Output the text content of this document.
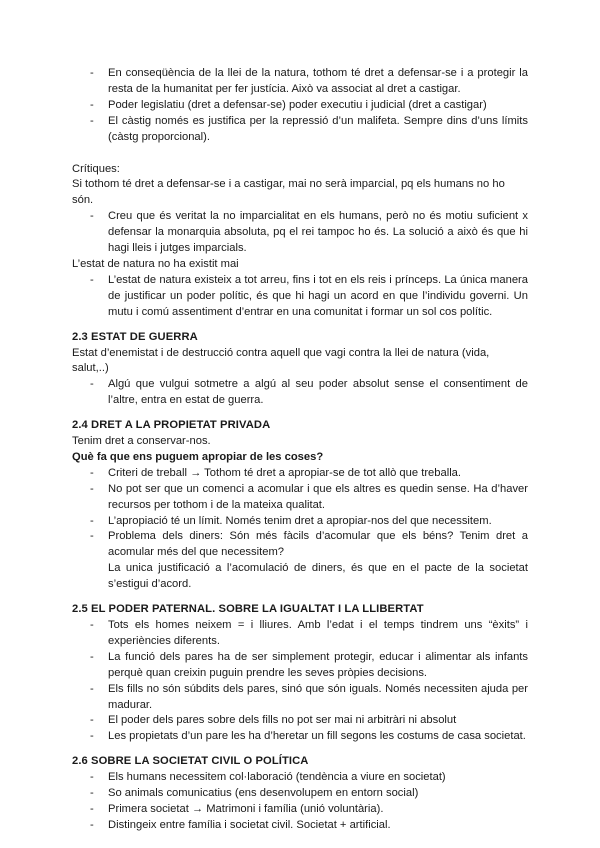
- En conseqüència de la llei de la natura, tothom té dret a defensar-se i a protegir la resta de la humanitat per fer justícia. Això va associat al dret a castigar.
- Poder legislatiu (dret a defensar-se) poder executiu i judicial (dret a castigar)
- El càstig només es justifica per la repressió d’un malifeta. Sempre dins d’uns límits (càstg proporcional).

Crítiques:

Si tothom té dret a defensar-se i a castigar, mai no serà imparcial, pq els humans no ho són.

- Creu que és veritat la no imparcialitat en els humans, però no és motiu suficient x defensar la monarquia absoluta, pq el rei tampoc ho és. La solució a això és que hi hagi lleis i jutges imparcials.

L’estat de natura no ha existit mai

- L’estat de natura existeix a tot arreu, fins i tot en els reis i prínceps. La única manera de justificar un poder polític, és que hi hagi un acord en que l’individu governi. Un mutu i comú assentiment d’entrar en una comunitat i formar un sol cos polític.
2.3 ESTAT DE GUERRA

Estat d’enemistat i de destrucció contra aquell que vagi contra la llei de natura (vida, salut,..)

- Algú que vulgui sotmetre a algú al seu poder absolut sense el consentiment de l’altre, entra en estat de guerra.
2.4 DRET A LA PROPIETAT PRIVADA

Tenim dret a conservar-nos.

Què fa que ens puguem apropiar de les coses?

- Criteri de treball → Tothom té dret a apropiar-se de tot allò que treballa.
- No pot ser que un comenci a acomular i que els altres es quedin sense. Ha d’haver recursos per tothom i de la mateixa qualitat.
- L’apropiació té un límit. Només tenim dret a apropiar-nos del que necessitem.
- Problema dels diners: Són més fàcils d’acomular que els béns? Tenim dret a acomular més del que necessitem?
La unica justificació a l’acomulació de diners, és que en el pacte de la societat s’estigui d’acord.
2.5 EL PODER PATERNAL. SOBRE LA IGUALTAT I LA LLIBERTAT
- Tots els homes neixem = i lliures. Amb l’edat i el temps tindrem uns “èxits” i experiències diferents.
- La funció dels pares ha de ser simplement protegir, educar i alimentar als infants perquè quan creixin puguin prendre les seves pròpies decisions.
- Els fills no són súbdits dels pares, sinó que són iguals. Només necessiten ajuda per madurar.
- El poder dels pares sobre dels fills no pot ser mai ni arbitràri ni absolut
- Les propietats d’un pare les ha d’heretar un fill segons les costums de casa societat.
2.6 SOBRE LA SOCIETAT CIVIL O POLÍTICA
- Els humans necessitem col·laboració (tendència a viure en societat)
- So animals comunicatius (ens desenvolupem en entorn social)
- Primera societat → Matrimoni i família (unió voluntària).
- Distingeix entre família i societat civil. Societat + artificial.
